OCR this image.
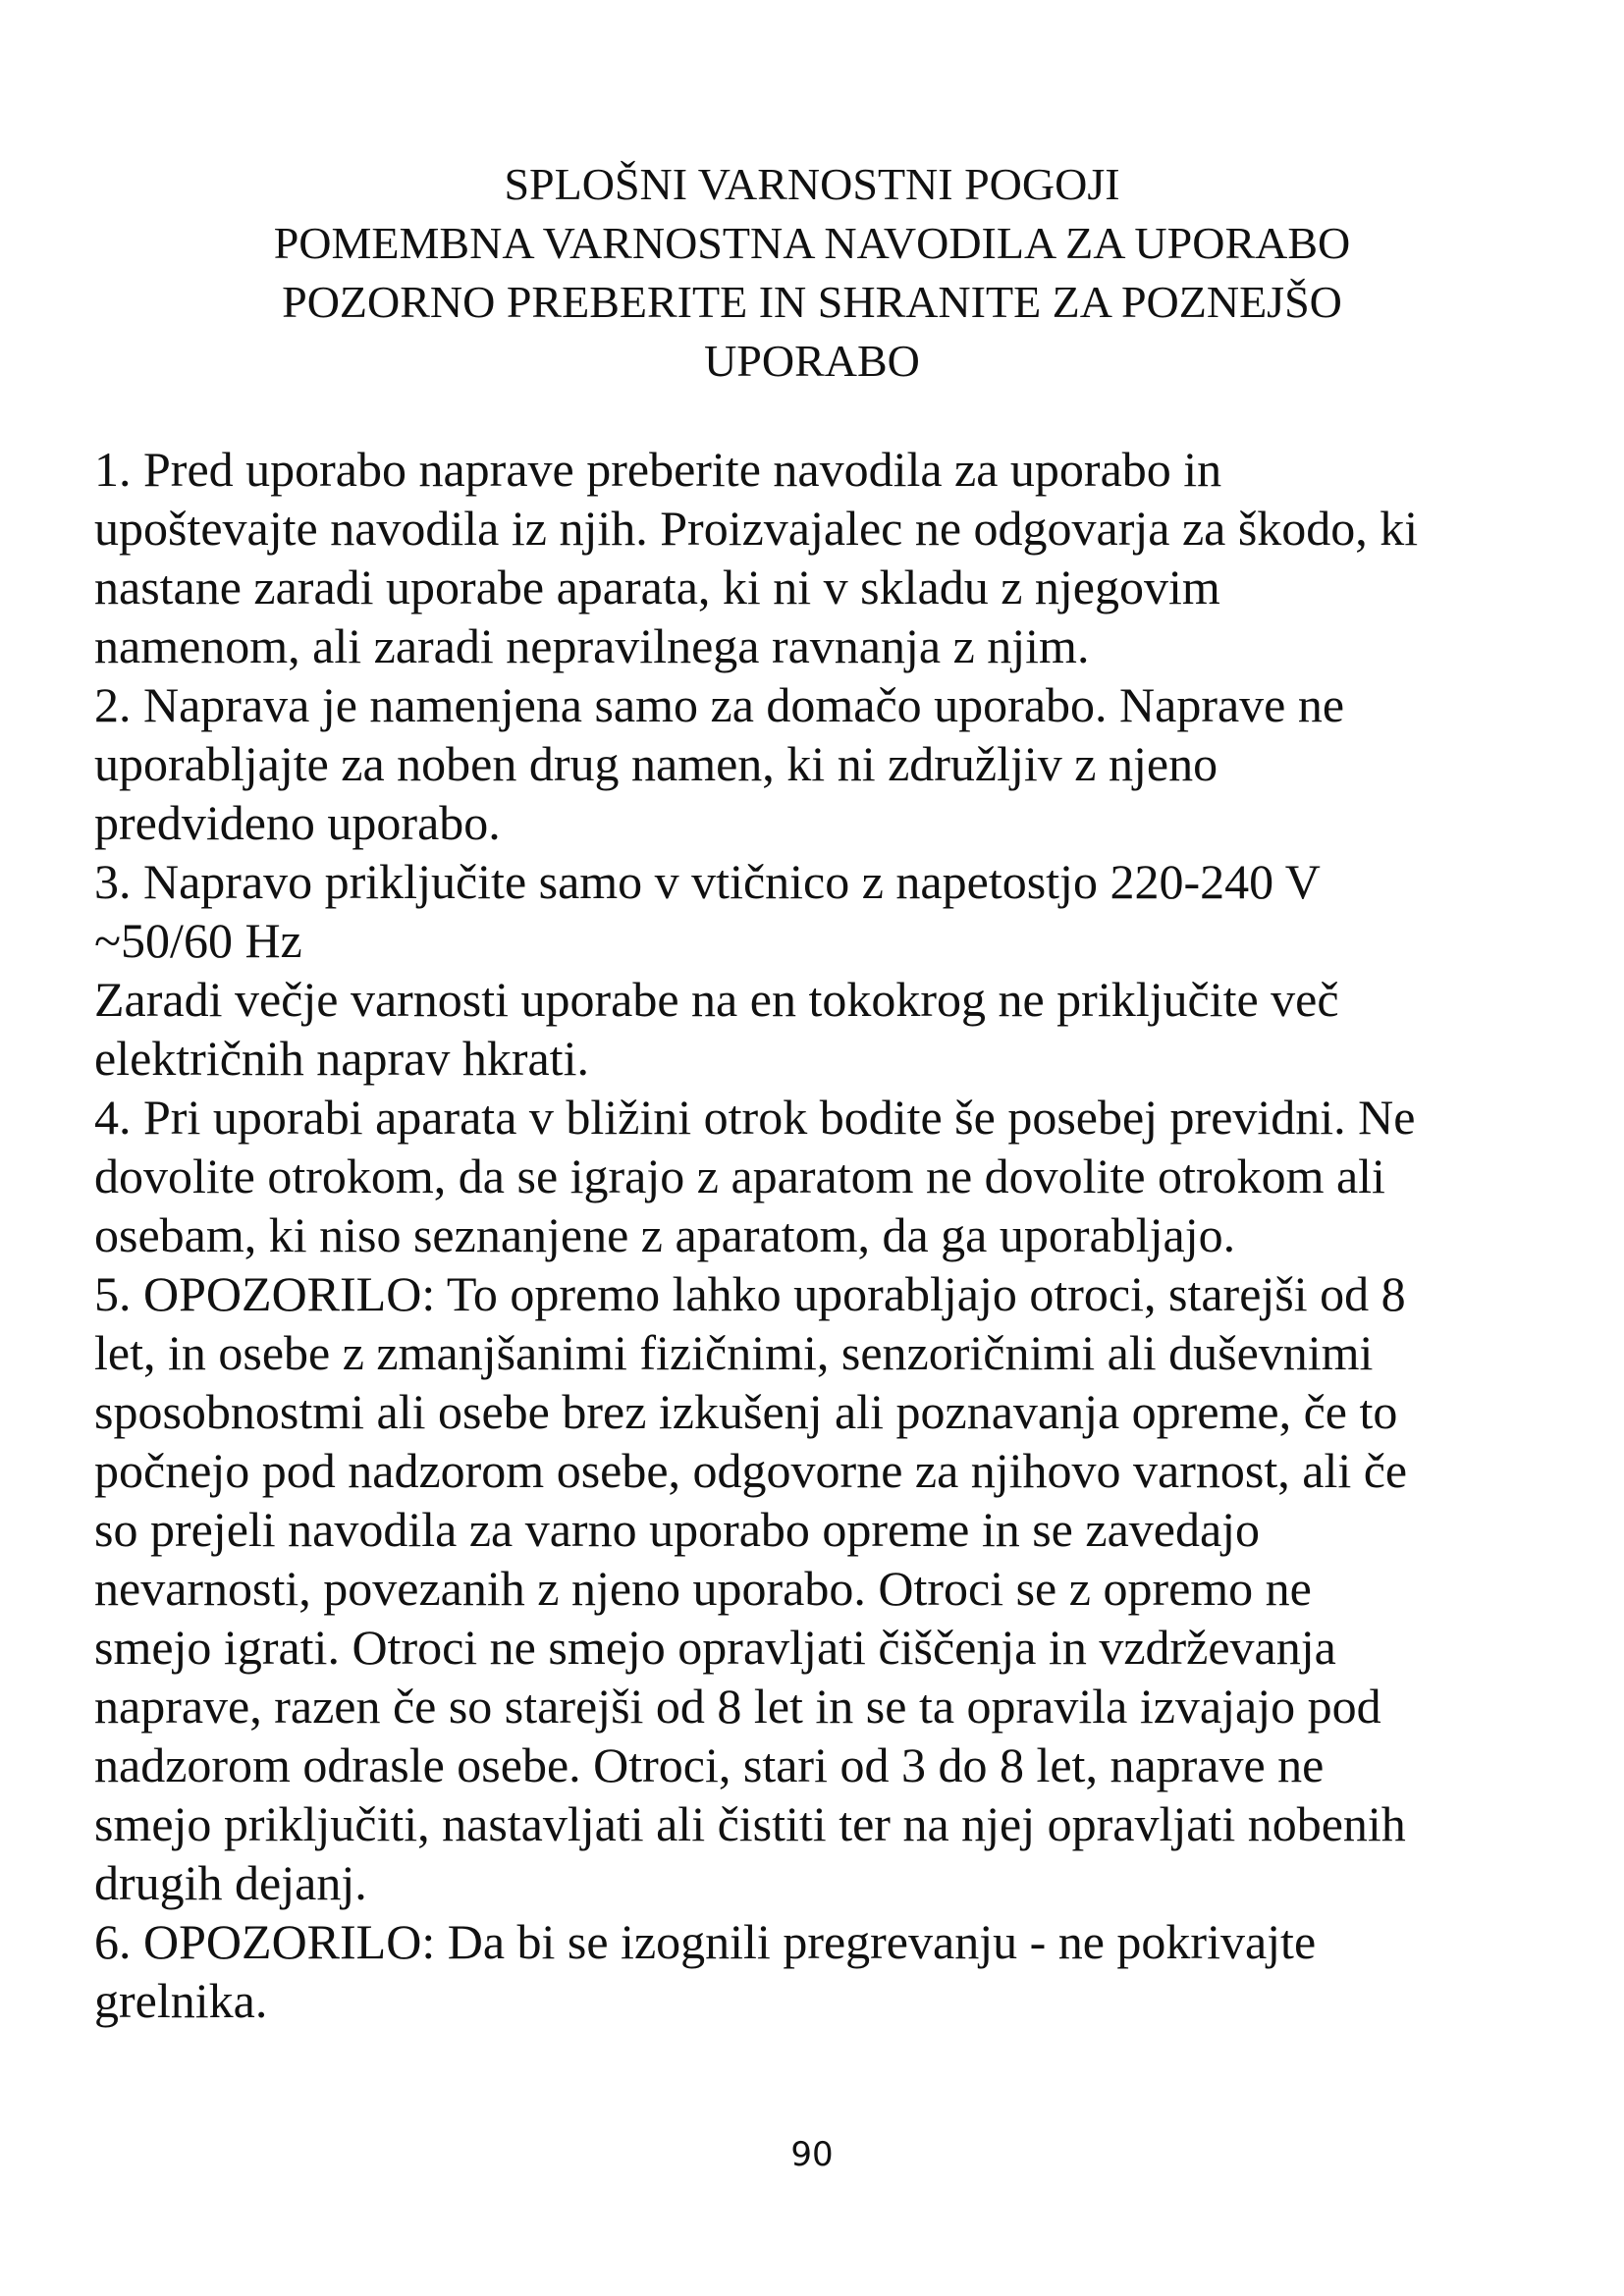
SPLOŠNI VARNOSTNI POGOJI
POMEMBNA VARNOSTNA NAVODILA ZA UPORABO
POZORNO PREBERITE IN SHRANITE ZA POZNEJŠO
UPORABO
1. Pred uporabo naprave preberite navodila za uporabo in
upoštevajte navodila iz njih. Proizvajalec ne odgovarja za škodo, ki
nastane zaradi uporabe aparata, ki ni v skladu z njegovim
namenom, ali zaradi nepravilnega ravnanja z njim.
2. Naprava je namenjena samo za domačo uporabo. Naprave ne
uporabljajte za noben drug namen, ki ni združljiv z njeno
predvideno uporabo.
3. Napravo priključite samo v vtičnico z napetostjo 220-240 V
~50/60 Hz
Zaradi večje varnosti uporabe na en tokokrog ne priključite več
električnih naprav hkrati.
4. Pri uporabi aparata v bližini otrok bodite še posebej previdni. Ne
dovolite otrokom, da se igrajo z aparatom ne dovolite otrokom ali
osebam, ki niso seznanjene z aparatom, da ga uporabljajo.
5. OPOZORILO: To opremo lahko uporabljajo otroci, starejši od 8
let, in osebe z zmanjšanimi fizičnimi, senzoričnimi ali duševnimi
sposobnostmi ali osebe brez izkušenj ali poznavanja opreme, če to
počnejo pod nadzorom osebe, odgovorne za njihovo varnost, ali če
so prejeli navodila za varno uporabo opreme in se zavedajo
nevarnosti, povezanih z njeno uporabo. Otroci se z opremo ne
smejo igrati. Otroci ne smejo opravljati čiščenja in vzdrževanja
naprave, razen če so starejši od 8 let in se ta opravila izvajajo pod
nadzorom odrasle osebe. Otroci, stari od 3 do 8 let, naprave ne
smejo priključiti, nastavljati ali čistiti ter na njej opravljati nobenih
drugih dejanj.
6. OPOZORILO: Da bi se izognili pregrevanju - ne pokrivajte
grelnika.
90
